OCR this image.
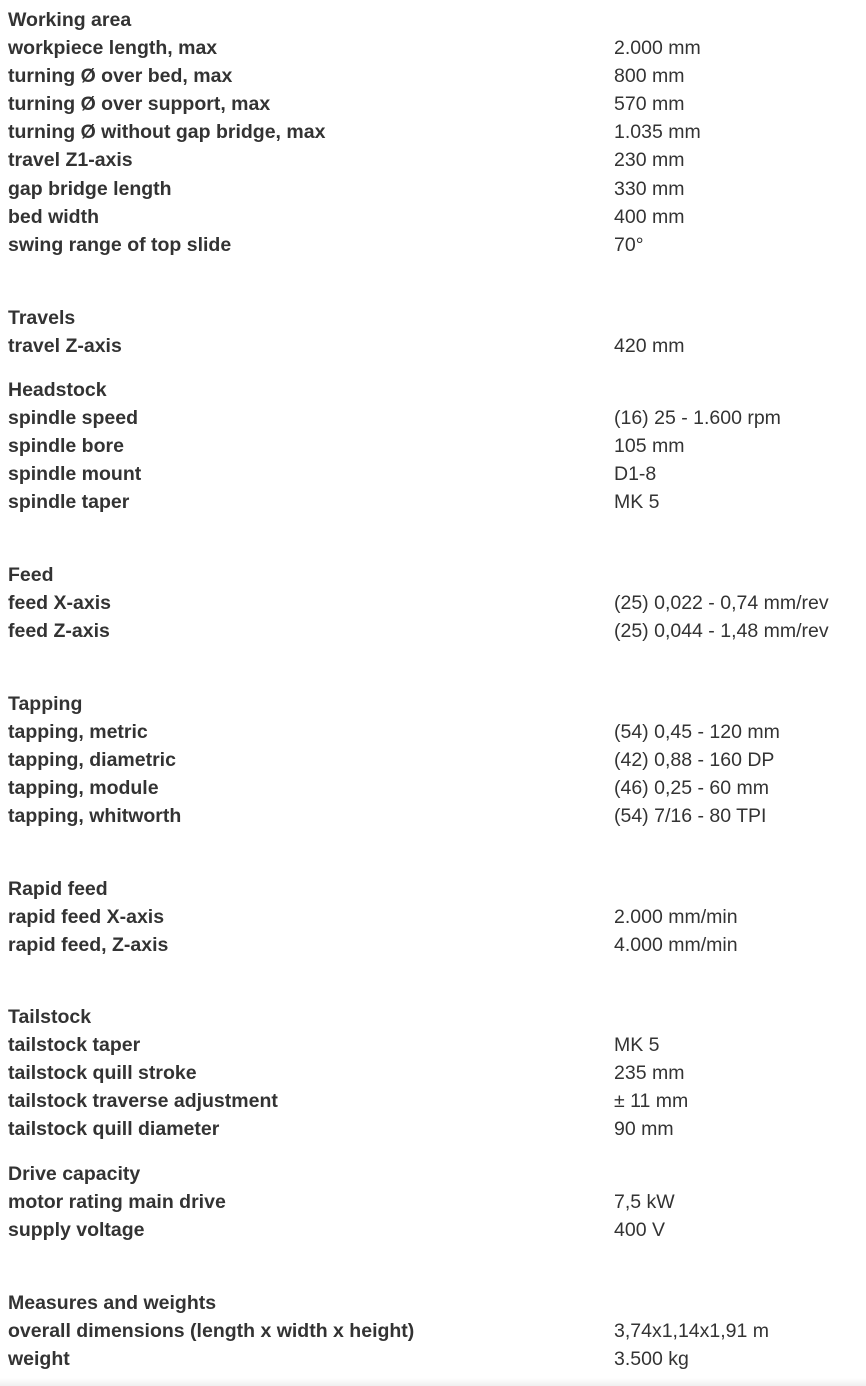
Working area
workpiece length, max	2.000 mm
turning Ø over bed, max	800 mm
turning Ø over support, max	570 mm
turning Ø without gap bridge, max	1.035 mm
travel Z1-axis	230 mm
gap bridge length	330 mm
bed width	400 mm
swing range of top slide	70°
Travels
travel Z-axis	420 mm
Headstock
spindle speed	(16) 25 - 1.600 rpm
spindle bore	105 mm
spindle mount	D1-8
spindle taper	MK 5
Feed
feed X-axis	(25) 0,022 - 0,74 mm/rev
feed Z-axis	(25) 0,044 - 1,48 mm/rev
Tapping
tapping, metric	(54) 0,45 - 120 mm
tapping, diametric	(42) 0,88 - 160 DP
tapping, module	(46) 0,25 - 60 mm
tapping, whitworth	(54) 7/16 - 80 TPI
Rapid feed
rapid feed X-axis	2.000 mm/min
rapid feed, Z-axis	4.000 mm/min
Tailstock
tailstock taper	MK 5
tailstock quill stroke	235 mm
tailstock traverse adjustment	± 11 mm
tailstock quill diameter	90 mm
Drive capacity
motor rating main drive	7,5 kW
supply voltage	400 V
Measures and weights
overall dimensions (length x width x height)	3,74x1,14x1,91 m
weight	3.500 kg
